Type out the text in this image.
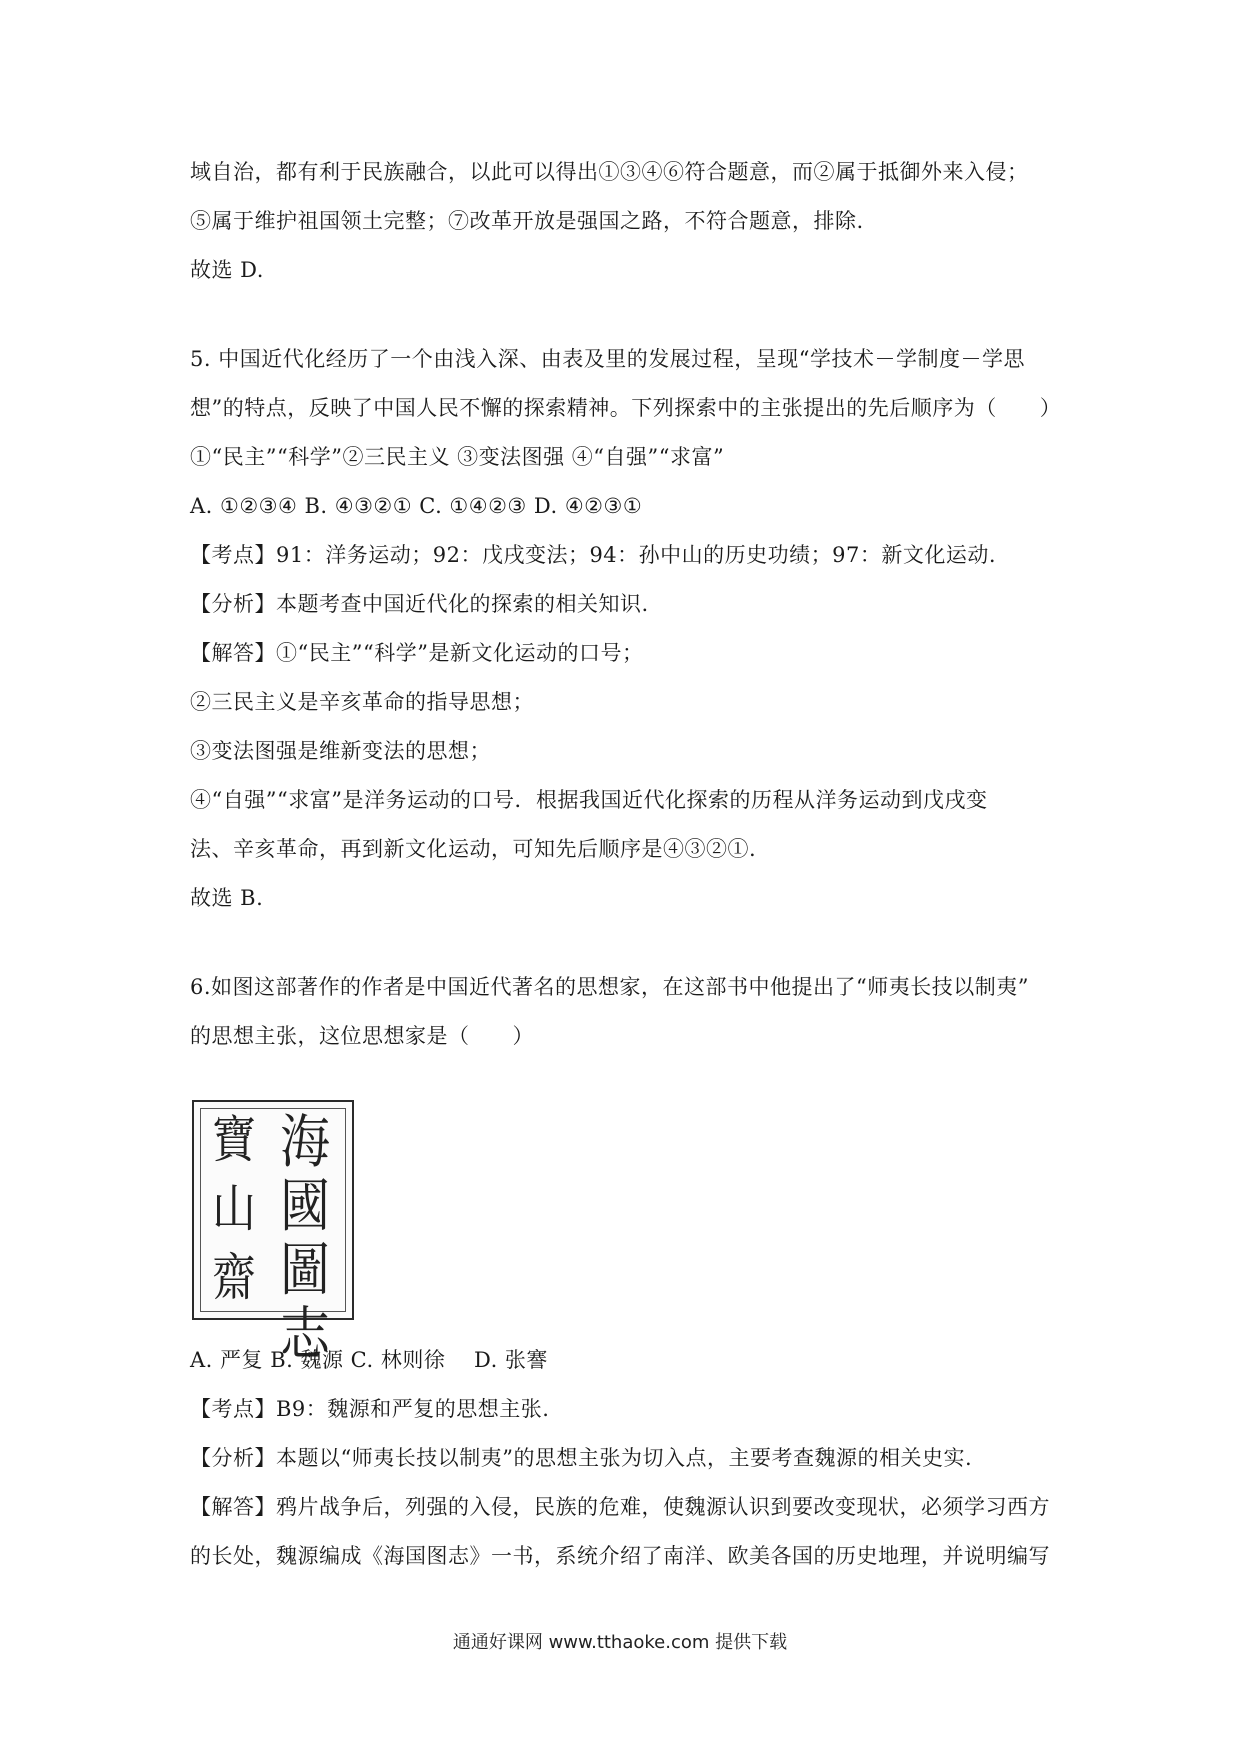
域自治，都有利于民族融合，以此可以得出①③④⑥符合题意，而②属于抵御外来入侵；
⑤属于维护祖国领土完整；⑦改革开放是强国之路，不符合题意，排除.
故选 D.
5. 中国近代化经历了一个由浅入深、由表及里的发展过程，呈现“学技术－学制度－学思
想”的特点，反映了中国人民不懈的探索精神。下列探索中的主张提出的先后顺序为（　　）
①“民主”“科学”②三民主义 ③变法图强 ④“自强”“求富”
A. ①②③④ B. ④③②① C. ①④②③ D. ④②③①
【考点】91：洋务运动；92：戊戌变法；94：孙中山的历史功绩；97：新文化运动.
【分析】本题考查中国近代化的探索的相关知识.
【解答】①“民主”“科学”是新文化运动的口号；
②三民主义是辛亥革命的指导思想；
③变法图强是维新变法的思想；
④“自强”“求富”是洋务运动的口号．根据我国近代化探索的历程从洋务运动到戊戌变
法、辛亥革命，再到新文化运动，可知先后顺序是④③②①.
故选 B.
6.如图这部著作的作者是中国近代著名的思想家，在这部书中他提出了“师夷长技以制夷”
的思想主张，这位思想家是（　　）
海
國
圖
志
寶
山
齋
A. 严复 B. 魏源 C. 林则徐　 D. 张謇
【考点】B9：魏源和严复的思想主张.
【分析】本题以“师夷长技以制夷”的思想主张为切入点，主要考查魏源的相关史实.
【解答】鸦片战争后，列强的入侵，民族的危难，使魏源认识到要改变现状，必须学习西方
的长处，魏源编成《海国图志》一书，系统介绍了南洋、欧美各国的历史地理，并说明编写
通通好课网 www.tthaoke.com 提供下载
